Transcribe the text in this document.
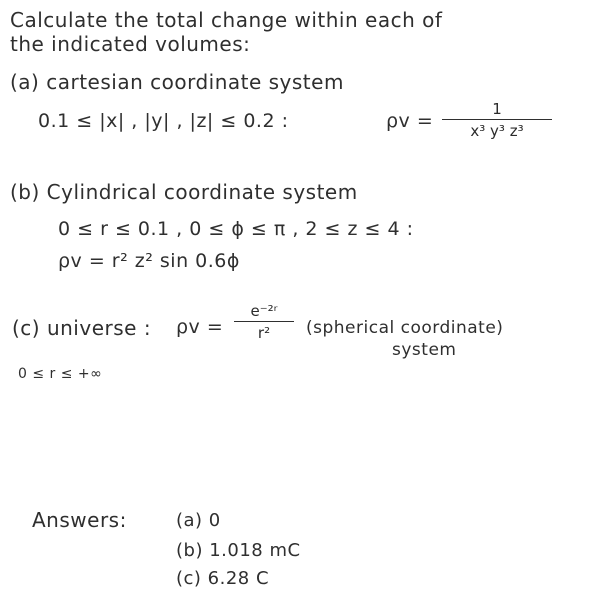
Calculate the total change within each of
the indicated volumes:
(a) cartesian coordinate system
0.1 ≤ |x| , |y| , |z| ≤ 0.2 :	ρv =
1
x³ y³ z³
(b) Cylindrical coordinate system
0 ≤ r ≤ 0.1 , 0 ≤ ϕ ≤ π , 2 ≤ z ≤ 4 :
ρv = r² z² sin 0.6ϕ
(c) universe : ρv =
e⁻²ʳ
r²	(spherical coordinate)
system
0 ≤ r ≤ +∞
Answers:	(a) 0
(b) 1.018 mC
(c) 6.28 C
